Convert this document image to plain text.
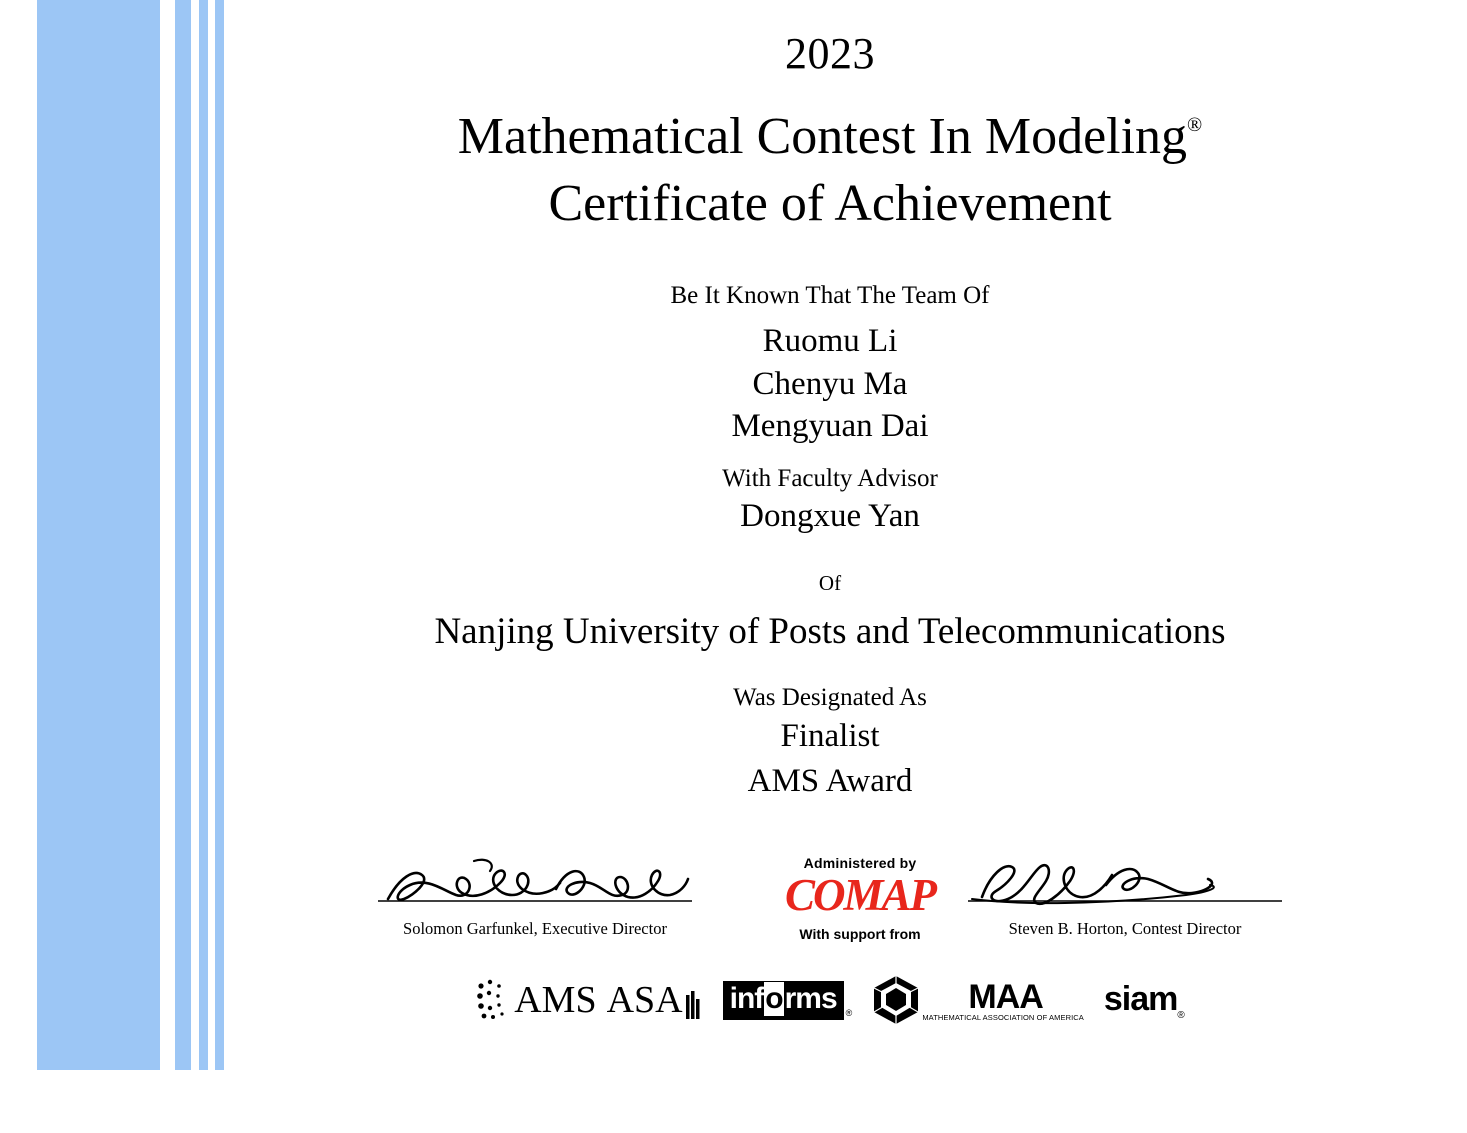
2023
Mathematical Contest In Modeling®
Certificate of Achievement
Be It Known That The Team Of
Ruomu Li
Chenyu Ma
Mengyuan Dai
With Faculty Advisor
Dongxue Yan
Of
Nanjing University of Posts and Telecommunications
Was Designated As
Finalist
AMS Award
Solomon Garfunkel, Executive Director	Steven B. Horton, Contest Director
Administered by
COMAP
With support from
AMS ASA informs	®	MAA
MATHEMATICAL ASSOCIATION OF AMERICA siam$_®$
